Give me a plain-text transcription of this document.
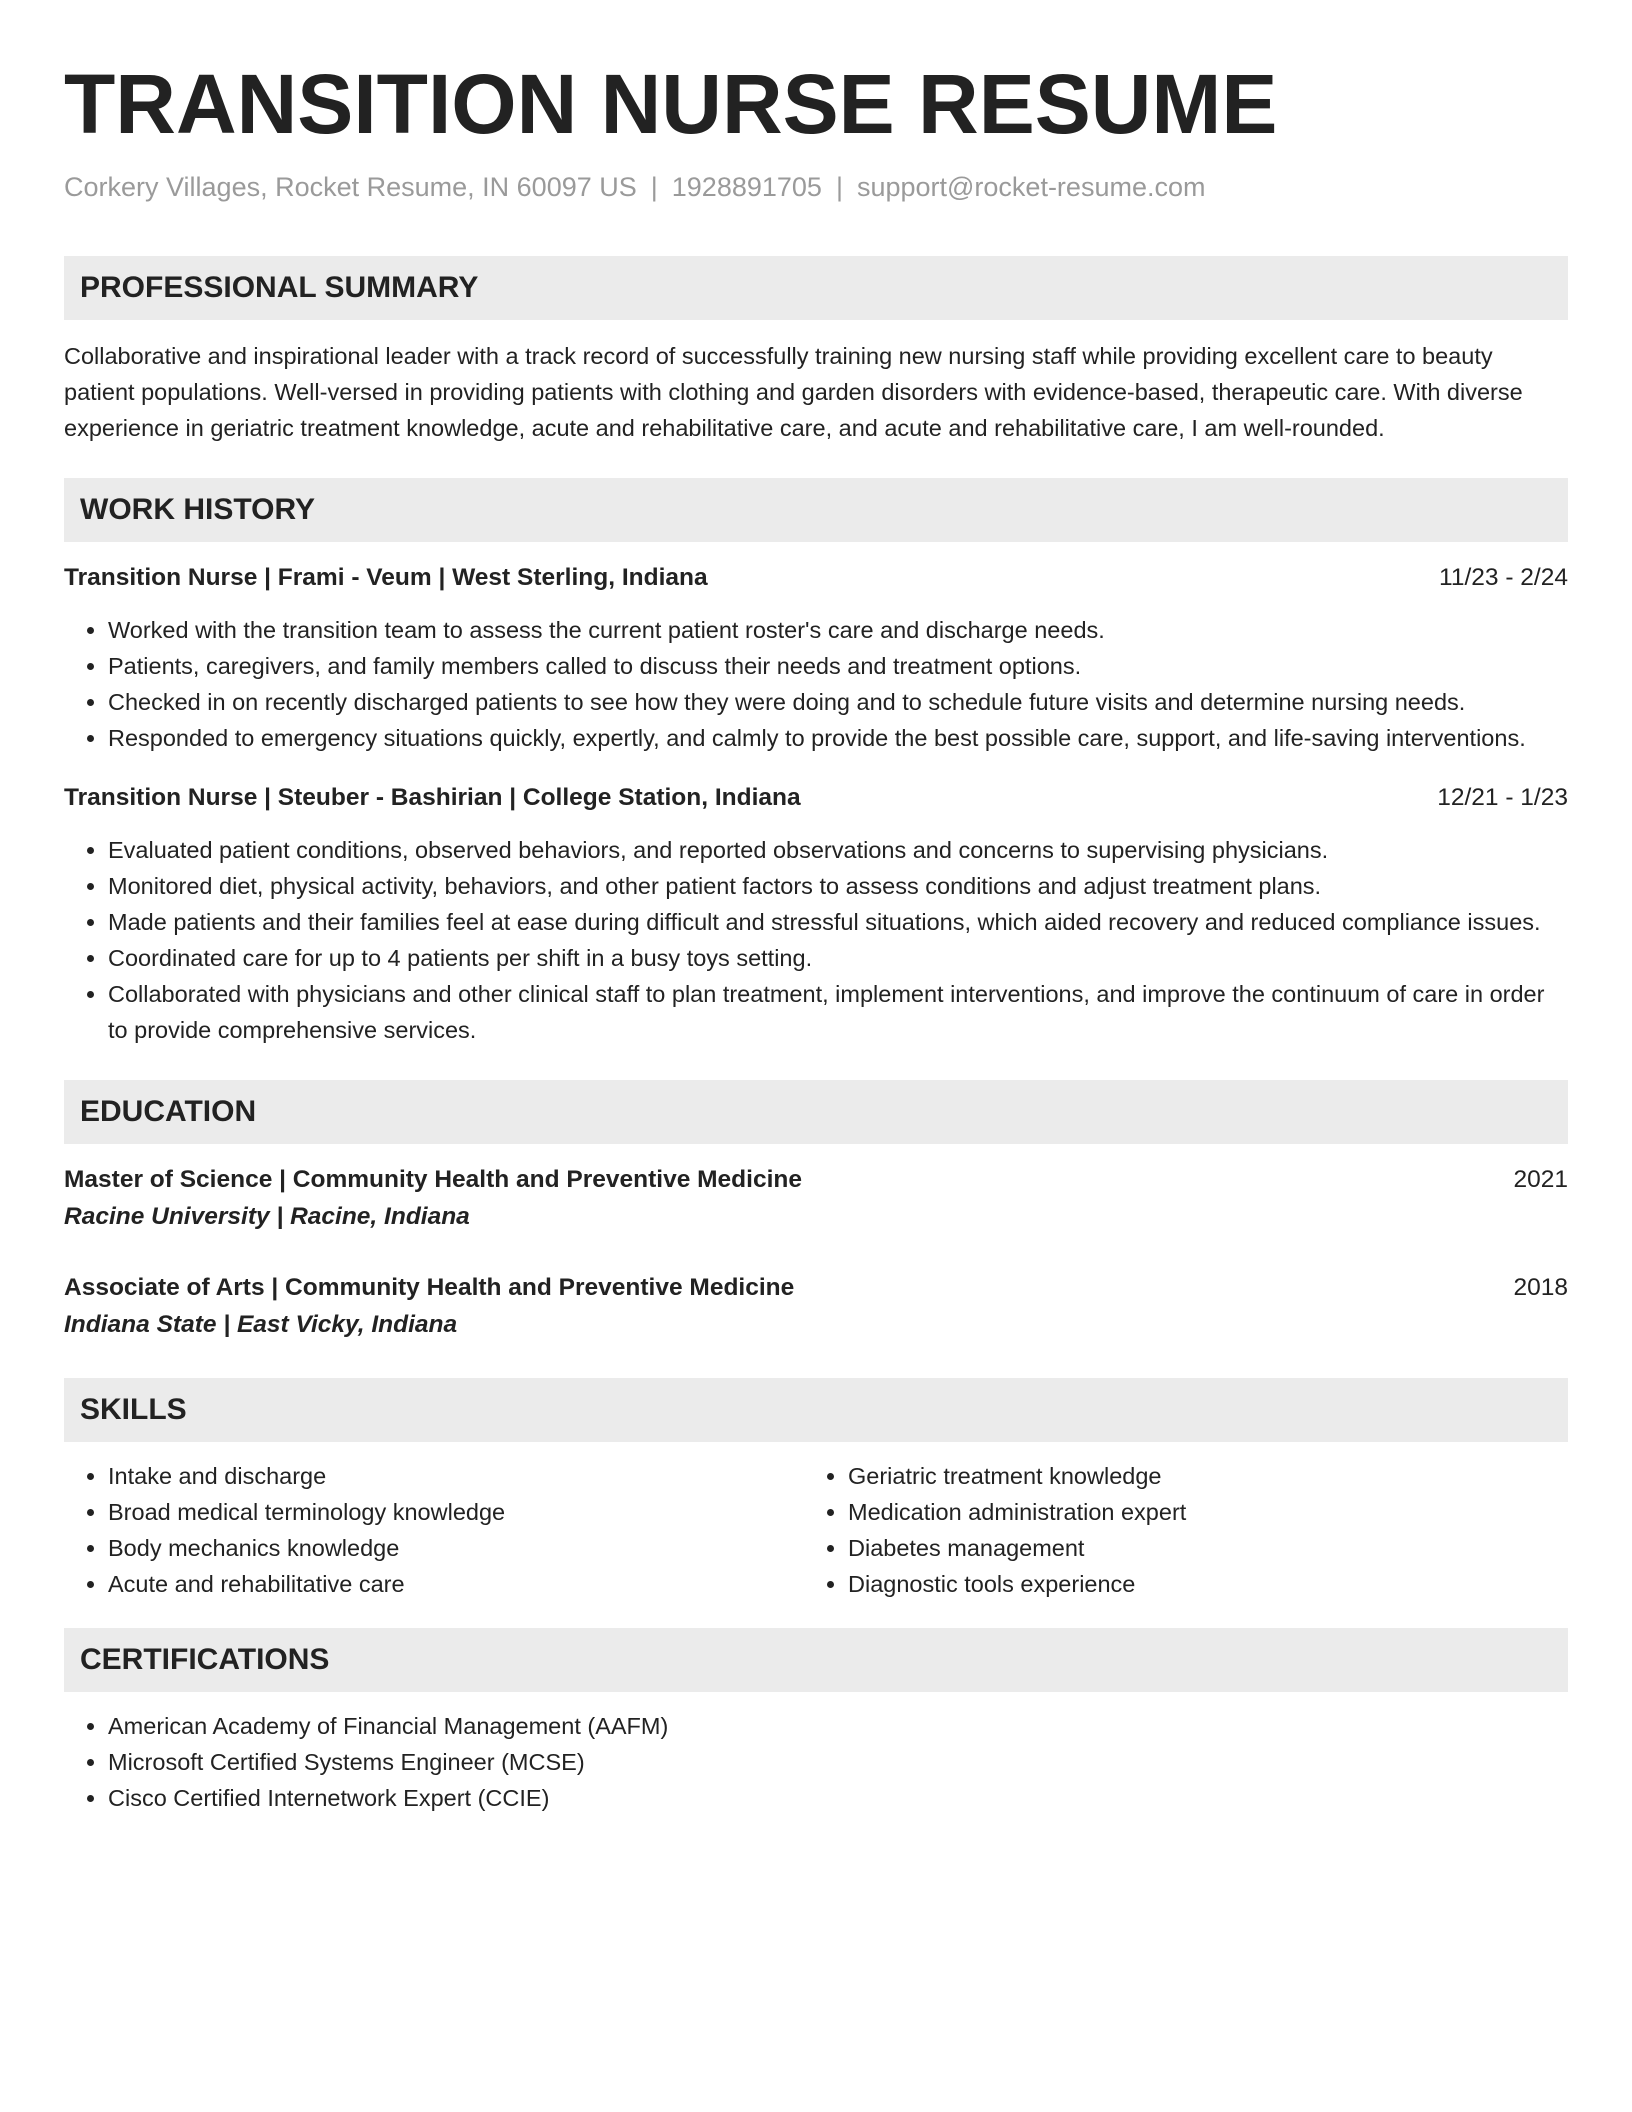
TRANSITION NURSE RESUME
Corkery Villages, Rocket Resume, IN 60097 US | 1928891705 | support@rocket-resume.com
PROFESSIONAL SUMMARY
Collaborative and inspirational leader with a track record of successfully training new nursing staff while providing excellent care to beauty patient populations. Well-versed in providing patients with clothing and garden disorders with evidence-based, therapeutic care. With diverse experience in geriatric treatment knowledge, acute and rehabilitative care, and acute and rehabilitative care, I am well-rounded.
WORK HISTORY
Transition Nurse | Frami - Veum | West Sterling, Indiana	11/23 - 2/24
• Worked with the transition team to assess the current patient roster's care and discharge needs.
• Patients, caregivers, and family members called to discuss their needs and treatment options.
• Checked in on recently discharged patients to see how they were doing and to schedule future visits and determine nursing needs.
• Responded to emergency situations quickly, expertly, and calmly to provide the best possible care, support, and life-saving interventions.
Transition Nurse | Steuber - Bashirian | College Station, Indiana	12/21 - 1/23
• Evaluated patient conditions, observed behaviors, and reported observations and concerns to supervising physicians.
• Monitored diet, physical activity, behaviors, and other patient factors to assess conditions and adjust treatment plans.
• Made patients and their families feel at ease during difficult and stressful situations, which aided recovery and reduced compliance issues.
• Coordinated care for up to 4 patients per shift in a busy toys setting.
• Collaborated with physicians and other clinical staff to plan treatment, implement interventions, and improve the continuum of care in order to provide comprehensive services.
EDUCATION
Master of Science | Community Health and Preventive Medicine	2021
Racine University | Racine, Indiana
Associate of Arts | Community Health and Preventive Medicine	2018
Indiana State | East Vicky, Indiana
SKILLS
• Intake and discharge
• Broad medical terminology knowledge
• Body mechanics knowledge
• Acute and rehabilitative care
• Geriatric treatment knowledge
• Medication administration expert
• Diabetes management
• Diagnostic tools experience
CERTIFICATIONS
• American Academy of Financial Management (AAFM)
• Microsoft Certified Systems Engineer (MCSE)
• Cisco Certified Internetwork Expert (CCIE)
